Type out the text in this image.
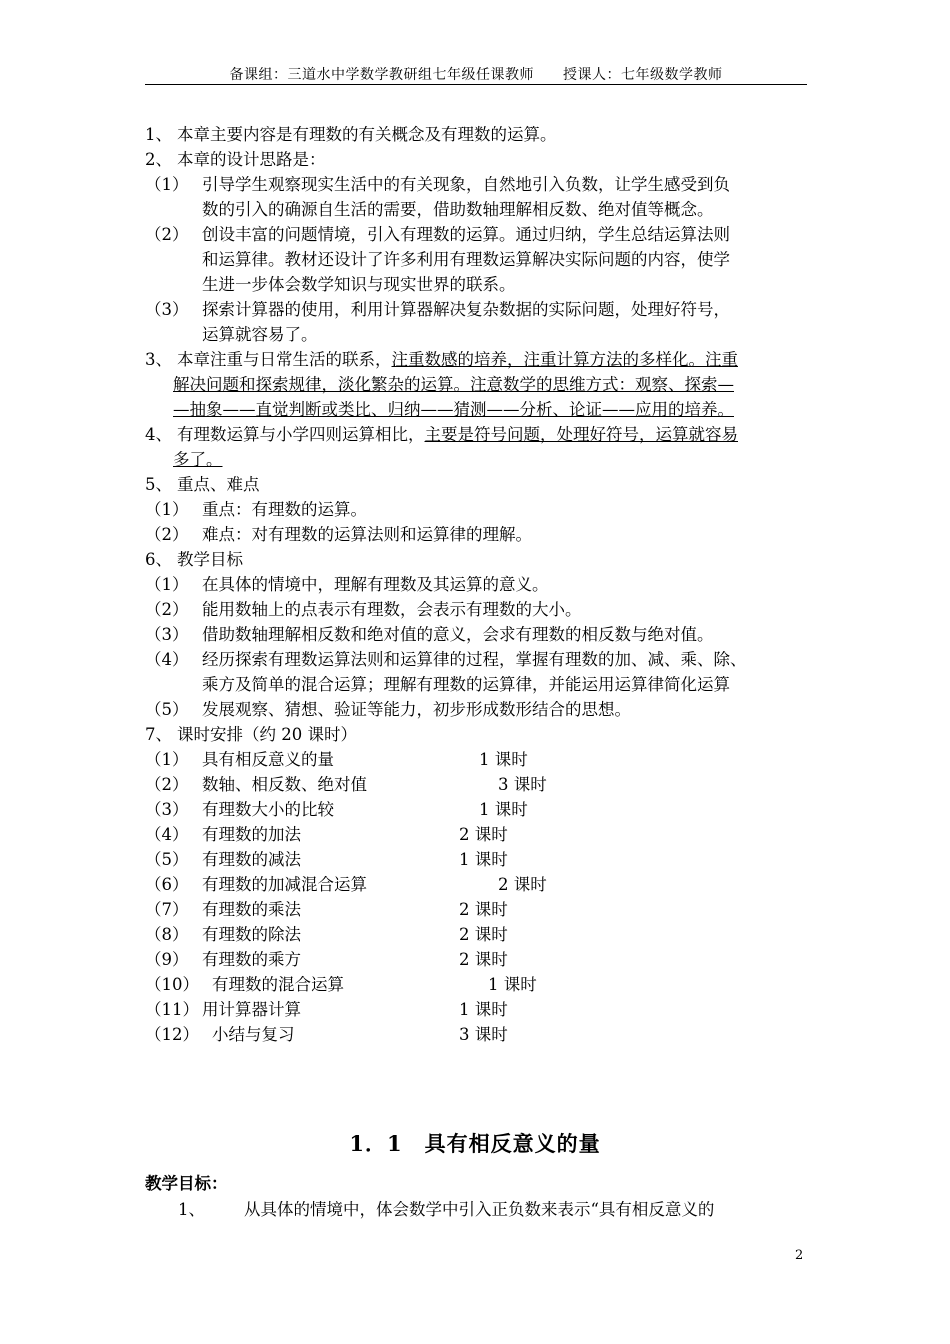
备课组：三道水中学数学教研组七年级任课教师　　授课人：七年级数学教师
1、 本章主要内容是有理数的有关概念及有理数的运算。
2、 本章的设计思路是：
（1） 引导学生观察现实生活中的有关现象，自然地引入负数，让学生感受到负
数的引入的确源自生活的需要，借助数轴理解相反数、绝对值等概念。
（2） 创设丰富的问题情境，引入有理数的运算。通过归纳，学生总结运算法则
和运算律。教材还设计了许多利用有理数运算解决实际问题的内容，使学
生进一步体会数学知识与现实世界的联系。
（3） 探索计算器的使用，利用计算器解决复杂数据的实际问题，处理好符号，
运算就容易了。
3、 本章注重与日常生活的联系，注重数感的培养，注重计算方法的多样化。注重
解决问题和探索规律，淡化繁杂的运算。注意数学的思维方式：观察、探索—
—抽象——直觉判断或类比、归纳——猜测——分析、论证——应用的培养。
4、 有理数运算与小学四则运算相比，主要是符号问题，处理好符号，运算就容易
多了。
5、 重点、难点
（1） 重点：有理数的运算。
（2） 难点：对有理数的运算法则和运算律的理解。
6、 教学目标
（1） 在具体的情境中，理解有理数及其运算的意义。
（2） 能用数轴上的点表示有理数，会表示有理数的大小。
（3） 借助数轴理解相反数和绝对值的意义，会求有理数的相反数与绝对值。
（4） 经历探索有理数运算法则和运算律的过程，掌握有理数的加、减、乘、除、
乘方及简单的混合运算；理解有理数的运算律，并能运用运算律简化运算
（5） 发展观察、猜想、验证等能力，初步形成数形结合的思想。
7、 课时安排（约 20 课时）
（1） 具有相反意义的量	1 课时
（2） 数轴、相反数、绝对值	3 课时
（3） 有理数大小的比较	1 课时
（4） 有理数的加法	2 课时
（5） 有理数的减法	1 课时
（6） 有理数的加减混合运算	2 课时
（7） 有理数的乘法	2 课时
（8） 有理数的除法	2 课时
（9） 有理数的乘方	2 课时
（10） 有理数的混合运算	1 课时
（11） 用计算器计算	1 课时
（12） 小结与复习	3 课时
1．1　具有相反意义的量
教学目标：
1、 从具体的情境中，体会数学中引入正负数来表示“具有相反意义的
2
